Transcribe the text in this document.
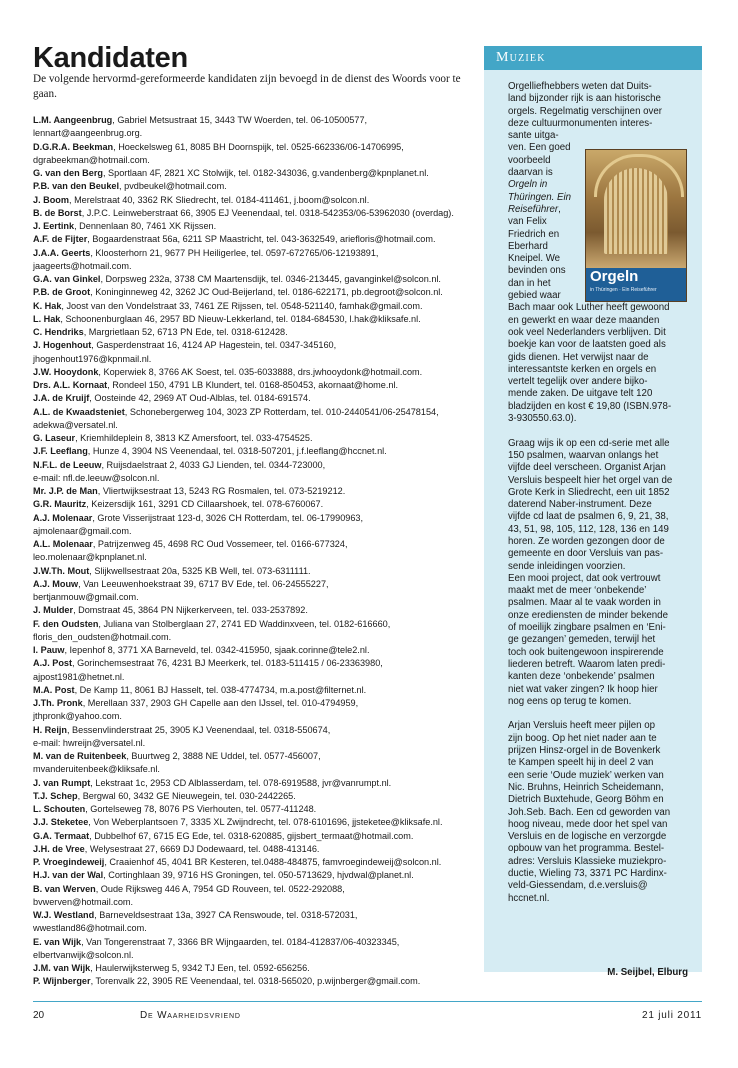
Kandidaten
De volgende hervormd-gereformeerde kandidaten zijn bevoegd in de dienst des Woords voor te gaan.
L.M. Aangeenbrug, Gabriel Metsustraat 15, 3443 TW Woerden, tel. 06-10500577,
lennart@aangeenbrug.org.
D.G.R.A. Beekman, Hoeckelsweg 61, 8085 BH Doornspijk, tel. 0525-662336/06-14706995,
dgrabeekman@hotmail.com.
G. van den Berg, Sportlaan 4F, 2821 XC Stolwijk, tel. 0182-343036, g.vandenberg@kpnplanet.nl.
P.B. van den Beukel, pvdbeukel@hotmail.com.
J. Boom, Merelstraat 40, 3362 RK Sliedrecht, tel. 0184-411461, j.boom@solcon.nl.
B. de Borst, J.P.C. Leinweberstraat 66, 3905 EJ Veenendaal, tel. 0318-542353/06-53962030 (overdag).
J. Eertink, Dennenlaan 80, 7461 XK Rijssen.
A.F. de Fijter, Bogaardenstraat 56a, 6211 SP Maastricht, tel. 043-3632549, arieﬂoris@hotmail.com.
J.A.A. Geerts, Kloosterhorn 21, 9677 PH Heiligerlee, tel. 0597-672765/06-12193891,
jaageerts@hotmail.com.
G.A. van Ginkel, Dorpsweg 232a, 3738 CM Maartensdijk, tel. 0346-213445, gavanginkel@solcon.nl.
P.B. de Groot, Koninginneweg 42, 3262 JC Oud-Beijerland, tel. 0186-622171, pb.degroot@solcon.nl.
K. Hak, Joost van den Vondelstraat 33, 7461 ZE Rijssen, tel. 0548-521140, famhak@gmail.com.
L. Hak, Schoonenburglaan 46, 2957 BD Nieuw-Lekkerland, tel. 0184-684530, l.hak@kliksafe.nl.
C. Hendriks, Margrietlaan 52, 6713 PN Ede, tel. 0318-612428.
J. Hogenhout, Gasperdenstraat 16, 4124 AP Hagestein, tel. 0347-345160,
jhogenhout1976@kpnmail.nl.
J.W. Hooydonk, Koperwiek 8, 3766 AK Soest, tel. 035-6033888, drs.jwhooydonk@hotmail.com.
Drs. A.L. Kornaat, Rondeel 150, 4791 LB Klundert, tel. 0168-850453, akornaat@home.nl.
J.A. de Kruijf, Oosteinde 42, 2969 AT Oud-Alblas, tel. 0184-691574.
A.L. de Kwaadsteniet, Schonebergerweg 104, 3023 ZP Rotterdam, tel. 010-2440541/06-25478154,
adekwa@versatel.nl.
G. Laseur, Kriemhildeplein 8, 3813 KZ Amersfoort, tel. 033-4754525.
J.F. Leeflang, Hunze 4, 3904 NS Veenendaal, tel. 0318-507201, j.f.leeflang@hccnet.nl.
N.F.L. de Leeuw, Ruijsdaelstraat 2, 4033 GJ Lienden, tel. 0344-723000,
e-mail: nfl.de.leeuw@solcon.nl.
Mr. J.P. de Man, Vliertwijksestraat 13, 5243 RG Rosmalen, tel. 073-5219212.
G.R. Mauritz, Keizersdijk 161, 3291 CD Cillaarshoek, tel. 078-6760067.
A.J. Molenaar, Grote Visserijstraat 123-d, 3026 CH Rotterdam, tel. 06-17990963,
ajmolenaar@gmail.com.
A.L. Molenaar, Patrijzenweg 45, 4698 RC Oud Vossemeer, tel. 0166-677324,
leo.molenaar@kpnplanet.nl.
J.W.Th. Mout, Slijkwellsestraat 20a, 5325 KB Well, tel. 073-6311111.
A.J. Mouw, Van Leeuwenhoekstraat 39, 6717 BV Ede, tel. 06-24555227,
bertjanmouw@gmail.com.
J. Mulder, Domstraat 45, 3864 PN Nijkerkerveen, tel. 033-2537892.
F. den Oudsten, Juliana van Stolberglaan 27, 2741 ED Waddinxveen, tel. 0182-616660,
floris_den_oudsten@hotmail.com.
I. Pauw, Iepenhof 8, 3771 XA Barneveld, tel. 0342-415950, sjaak.corinne@tele2.nl.
A.J. Post, Gorinchemsestraat 76, 4231 BJ Meerkerk, tel. 0183-511415 / 06-23363980,
ajpost1981@hetnet.nl.
M.A. Post, De Kamp 11, 8061 BJ Hasselt, tel. 038-4774734, m.a.post@filternet.nl.
J.Th. Pronk, Merellaan 337, 2903 GH Capelle aan den IJssel, tel. 010-4794959,
jthpronk@yahoo.com.
H. Reijn, Bessenvlinderstraat 25, 3905 KJ Veenendaal, tel. 0318-550674,
e-mail: hwreijn@versatel.nl.
M. van de Ruitenbeek, Buurtweg 2, 3888 NE Uddel, tel. 0577-456007,
mvanderuitenbeek@kliksafe.nl.
J. van Rumpt, Lekstraat 1c, 2953 CD Alblasserdam, tel. 078-6919588, jvr@vanrumpt.nl.
T.J. Schep, Bergwal 60, 3432 GE Nieuwegein, tel. 030-2442265.
L. Schouten, Gortelseweg 78, 8076 PS Vierhouten, tel. 0577-411248.
J.J. Steketee, Von Weberplantsoen 7, 3335 XL Zwijndrecht, tel. 078-6101696, jjsteketee@kliksafe.nl.
G.A. Termaat, Dubbelhof 67, 6715 EG Ede, tel. 0318-620885, gijsbert_termaat@hotmail.com.
J.H. de Vree, Welysestraat 27, 6669 DJ Dodewaard, tel. 0488-413146.
P. Vroegindeweij, Craaienhof 45, 4041 BR Kesteren, tel.0488-484875, famvroegindeweij@solcon.nl.
H.J. van der Wal, Cortinghlaan 39, 9716 HS Groningen, tel. 050-5713629, hjvdwal@planet.nl.
B. van Werven, Oude Rijksweg 446 A, 7954 GD Rouveen, tel. 0522-292088,
bvwerven@hotmail.com.
W.J. Westland, Barneveldsestraat 13a, 3927 CA Renswoude, tel. 0318-572031,
wwestland86@hotmail.com.
E. van Wijk, Van Tongerenstraat 7, 3366 BR Wijngaarden, tel. 0184-412837/06-40323345,
elbertvanwijk@solcon.nl.
J.M. van Wijk, Haulerwijksterweg 5, 9342 TJ Een, tel. 0592-656256.
P. Wijnberger, Torenvalk 22, 3905 RE Veenendaal, tel. 0318-565020, p.wijnberger@gmail.com.
Muziek
Orgelliefhebbers weten dat Duits-
land bijzonder rijk is aan historische
orgels. Regelmatig verschijnen over
deze cultuurmonumenten interes-
sante uitga-
ven. Een goed
voorbeeld
daarvan is
Orgeln in
Thüringen. Ein
Reiseführer,
van Felix
Friedrich en
Eberhard
Kneipel. We
bevinden ons
dan in het
gebied waar
Bach maar ook Luther heeft gewoond
en gewerkt en waar deze maanden
ook veel Nederlanders verblijven. Dit
boekje kan voor de laatsten goed als
gids dienen. Het verwijst naar de
interessantste kerken en orgels en
vertelt tegelijk over andere bijko-
mende zaken. De uitgave telt 120
bladzijden en kost € 19,80 (ISBN.978-
3-930550.63.0).
Graag wijs ik op een cd-serie met alle
150 psalmen, waarvan onlangs het
vijfde deel verscheen. Organist Arjan
Versluis bespeelt hier het orgel van de
Grote Kerk in Sliedrecht, een uit 1852
daterend Naber-instrument. Deze
vijfde cd laat de psalmen 6, 9, 21, 38,
43, 51, 98, 105, 112, 128, 136 en 149
horen. Ze worden gezongen door de
gemeente en door Versluis van pas-
sende inleidingen voorzien.
Een mooi project, dat ook vertrouwt
maakt met de meer ‘onbekende’
psalmen. Maar al te vaak worden in
onze erediensten de minder bekende
of moeilijk zingbare psalmen en ‘Eni-
ge gezangen’ gemeden, terwijl het
toch ook buitengewoon inspirerende
liederen betreft. Waarom laten predi-
kanten deze ‘onbekende’ psalmen
niet wat vaker zingen? Ik hoop hier
nog eens op terug te komen.
Arjan Versluis heeft meer pijlen op
zijn boog. Op het niet nader aan te
prijzen Hinsz-orgel in de Bovenkerk
te Kampen speelt hij in deel 2 van
een serie ‘Oude muziek’ werken van
Nic. Bruhns, Heinrich Scheidemann,
Dietrich Buxtehude, Georg Böhm en
Joh.Seb. Bach. Een cd geworden van
hoog niveau, mede door het spel van
Versluis en de logische en verzorgde
opbouw van het programma. Bestel-
adres: Versluis Klassieke muziekpro-
ductie, Wieling 73, 3371 PC Hardinx-
veld-Giessendam, d.e.versluis@
hccnet.nl.
M. Seijbel, Elburg
Orgeln
in Thüringen · Ein Reiseführer
20	De Waarheidsvriend	21 juli 2011
